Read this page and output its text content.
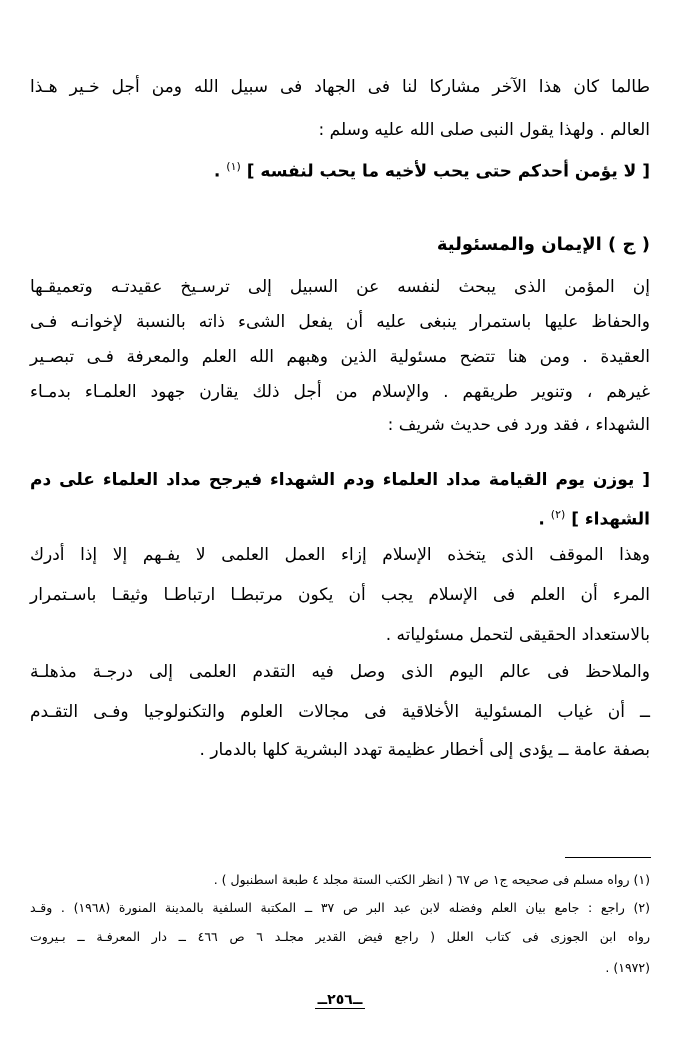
طالما كان هذا الآخر مشاركا لنا فى الجهاد فى سبيل الله ومن أجل خـير هـذا
العالم . ولهذا يقول النبى صلى الله عليه وسلم :
[ لا يؤمن أحدكم حتى يحب لأخيه ما يحب لنفسه ] $^{(١)}$ .
( ج ) الإيمان والمسئولية
إن المؤمن الذى يبحث لنفسه عن السبيل إلى ترسـيخ عقيدتـه وتعميقـها
والحفاظ عليها باستمرار ينبغى عليه أن يفعل الشىء ذاته بالنسبة لإخوانـه فـى
العقيدة . ومن هنا تتضح مسئولية الذين وهبهم الله العلم والمعرفة فـى تبصـير
غيرهم ، وتنوير طريقهم . والإسلام من أجل ذلك يقارن جهود العلمـاء بدمـاء
الشهداء ، فقد ورد فى حديث شريف :
[ يوزن يوم القيامة مداد العلماء ودم الشهداء فيرجح مداد العلماء على دم
الشهداء ] $^{(٢)}$ .
وهذا الموقف الذى يتخذه الإسلام إزاء العمل العلمى لا يفـهم إلا إذا أدرك
المرء أن العلم فى الإسلام يجب أن يكون مرتبطـا ارتباطـا وثيقـا باسـتمرار
بالاستعداد الحقيقى لتحمل مسئولياته .
والملاحظ فى عالم اليوم الذى وصل فيه التقدم العلمى إلى درجـة مذهلـة
ــ أن غياب المسئولية الأخلاقية فى مجالات العلوم والتكنولوجيا وفـى التقـدم
بصفة عامة ــ يؤدى إلى أخطار عظيمة تهدد البشرية كلها بالدمار .
(١) رواه مسلم فى صحيحه ج١ ص ٦٧ ( انظر الكتب الستة مجلد ٤ طبعة اسطنبول ) .
(٢) راجع : جامع بيان العلم وفضله لابن عبد البر ص ٣٧ ــ المكتبة السلفية بالمدينة المنورة (١٩٦٨) . وقـد
رواه ابن الجوزى فى كتاب العلل ( راجع فيض القدير مجلـد ٦ ص ٤٦٦ ــ دار المعرفـة ــ بـيروت
(١٩٧٢) .
ــ٢٥٦ــ
